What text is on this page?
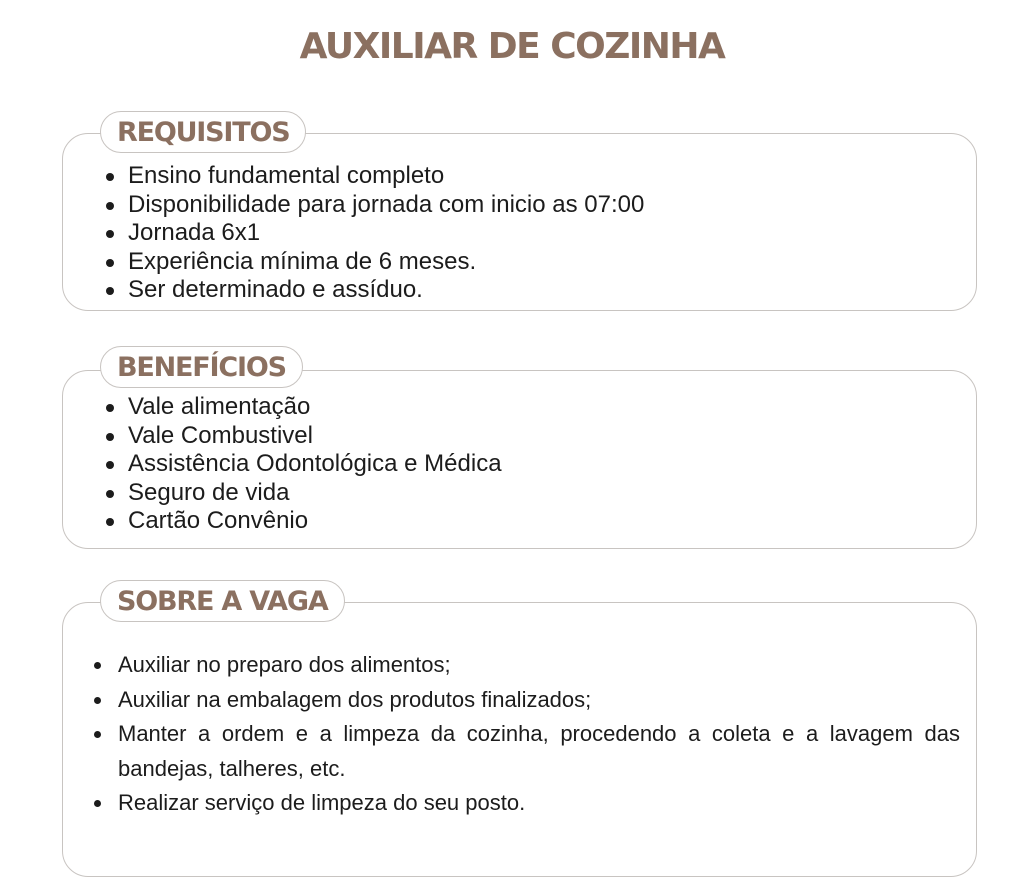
AUXILIAR DE COZINHA
REQUISITOS
Ensino fundamental completo
Disponibilidade para jornada com inicio as 07:00
Jornada 6x1
Experiência mínima de 6 meses.
Ser determinado e assíduo.
BENEFÍCIOS
Vale alimentação
Vale Combustivel
Assistência Odontológica e Médica
Seguro de vida
Cartão Convênio
SOBRE A VAGA
Auxiliar no preparo dos alimentos;
Auxiliar na embalagem dos produtos finalizados;
Manter a ordem e a limpeza da cozinha, procedendo a coleta e a lavagem das bandejas, talheres, etc.
Realizar serviço de limpeza do seu posto.
